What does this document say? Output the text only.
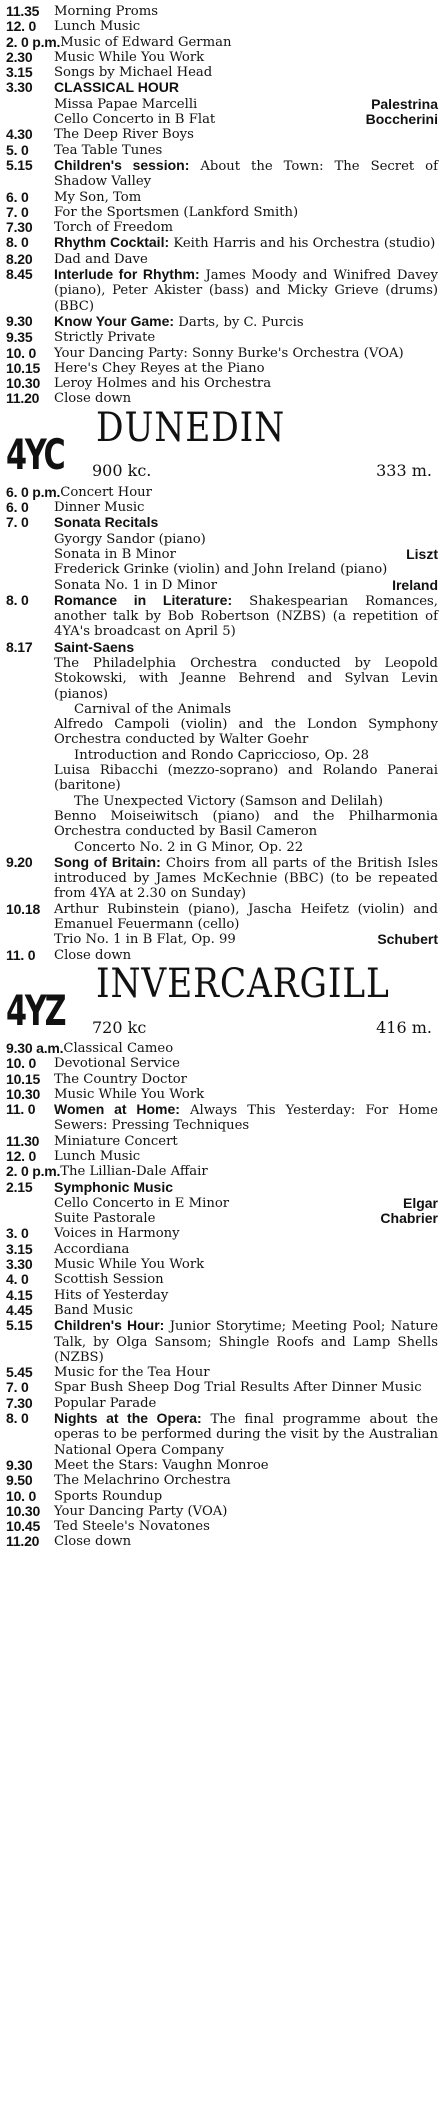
11.35	Morning Proms
12. 0	Lunch Music
2. 0 p.m. Music of Edward German
2.30	Music While You Work
3.15	Songs by Michael Head
3.30	CLASSICAL HOUR
Missa Papae Marcelli	Palestrina
Cello Concerto in B Flat	Boccherini
4.30	The Deep River Boys
5. 0	Tea Table Tunes
5.15	Children's session: About the Town: The Secret of Shadow Valley
6. 0	My Son, Tom
7. 0	For the Sportsmen (Lankford Smith)
7.30	Torch of Freedom
8. 0	Rhythm Cocktail: Keith Harris and his Orchestra (studio)
8.20	Dad and Dave
8.45	Interlude for Rhythm: James Moody and Winifred Davey (piano), Peter Akister (bass) and Micky Grieve (drums) (BBC)
9.30	Know Your Game: Darts, by C. Purcis
9.35	Strictly Private
10. 0	Your Dancing Party: Sonny Burke's Orchestra (VOA)
10.15	Here's Chey Reyes at the Piano
10.30	Leroy Holmes and his Orchestra
11.20	Close down
4YC
DUNEDIN
900 kc.	333 m.
6. 0 p.m. Concert Hour
6. 0	Dinner Music
7. 0	Sonata Recitals
Gyorgy Sandor (piano)
Sonata in B Minor	Liszt
Frederick Grinke (violin) and John Ireland (piano)
Sonata No. 1 in D Minor	Ireland
8. 0	Romance in Literature: Shakespearian Romances, another talk by Bob Robertson (NZBS) (a repetition of 4YA's broadcast on April 5)
8.17	Saint-Saens
The Philadelphia Orchestra conducted by Leopold Stokowski, with Jeanne Behrend and Sylvan Levin (pianos)
Carnival of the Animals
Alfredo Campoli (violin) and the London Symphony Orchestra conducted by Walter Goehr
Introduction and Rondo Capriccioso, Op. 28
Luisa Ribacchi (mezzo-soprano) and Rolando Panerai (baritone)
The Unexpected Victory (Samson and Delilah)
Benno Moiseiwitsch (piano) and the Philharmonia Orchestra conducted by Basil Cameron
Concerto No. 2 in G Minor, Op. 22
9.20	Song of Britain: Choirs from all parts of the British Isles introduced by James McKechnie (BBC) (to be repeated from 4YA at 2.30 on Sunday)
10.18	Arthur Rubinstein (piano), Jascha Heifetz (violin) and Emanuel Feuermann (cello)
Trio No. 1 in B Flat, Op. 99	Schubert
11. 0	Close down
4YZ
INVERCARGILL
720 kc	416 m.
9.30 a.m. Classical Cameo
10. 0	Devotional Service
10.15	The Country Doctor
10.30	Music While You Work
11. 0	Women at Home: Always This Yesterday: For Home Sewers: Pressing Techniques
11.30	Miniature Concert
12. 0	Lunch Music
2. 0 p.m. The Lillian-Dale Affair
2.15	Symphonic Music
Cello Concerto in E Minor	Elgar
Suite Pastorale	Chabrier
3. 0	Voices in Harmony
3.15	Accordiana
3.30	Music While You Work
4. 0	Scottish Session
4.15	Hits of Yesterday
4.45	Band Music
5.15	Children's Hour: Junior Storytime; Meeting Pool; Nature Talk, by Olga Sansom; Shingle Roofs and Lamp Shells (NZBS)
5.45	Music for the Tea Hour
7. 0	Spar Bush Sheep Dog Trial Results After Dinner Music
7.30	Popular Parade
8. 0	Nights at the Opera: The final programme about the operas to be performed during the visit by the Australian National Opera Company
9.30	Meet the Stars: Vaughn Monroe
9.50	The Melachrino Orchestra
10. 0	Sports Roundup
10.30	Your Dancing Party (VOA)
10.45	Ted Steele's Novatones
11.20	Close down
